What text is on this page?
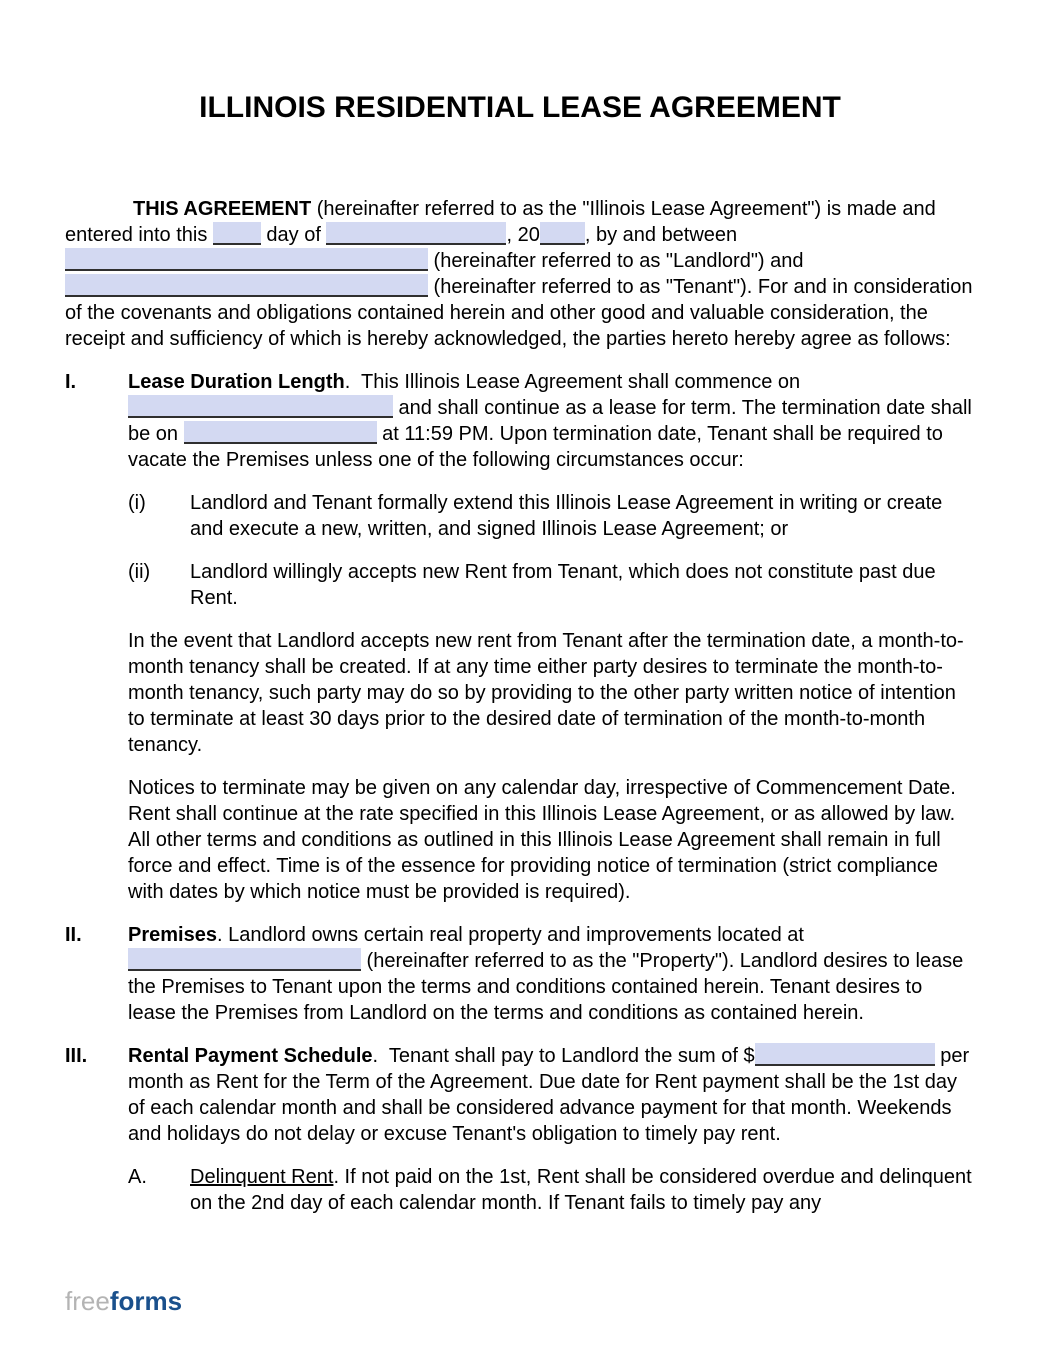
ILLINOIS RESIDENTIAL LEASE AGREEMENT

THIS AGREEMENT (hereinafter referred to as the "Illinois Lease Agreement") is made and entered into this  day of	, 20 , by and between  (hereinafter referred to as "Landlord") and  (hereinafter referred to as "Tenant"). For and in consideration of the covenants and obligations contained herein and other good and valuable consideration, the receipt and sufficiency of which is hereby acknowledged, the parties hereto hereby agree as follows:

I.	Lease Duration Length.  This Illinois Lease Agreement shall commence on  and shall continue as a lease for term. The termination date shall be on	at 11:59 PM. Upon termination date, Tenant shall be required to vacate the Premises unless one of the following circumstances occur:
(i) Landlord and Tenant formally extend this Illinois Lease Agreement in writing or create and execute a new, written, and signed Illinois Lease Agreement; or
(ii) Landlord willingly accepts new Rent from Tenant, which does not constitute past due Rent.

In the event that Landlord accepts new rent from Tenant after the termination date, a month-to-month tenancy shall be created. If at any time either party desires to terminate the month-to-month tenancy, such party may do so by providing to the other party written notice of intention to terminate at least 30 days prior to the desired date of termination of the month-to-month tenancy.

Notices to terminate may be given on any calendar day, irrespective of Commencement Date. Rent shall continue at the rate specified in this Illinois Lease Agreement, or as allowed by law. All other terms and conditions as outlined in this Illinois Lease Agreement shall remain in full force and effect. Time is of the essence for providing notice of termination (strict compliance with dates by which notice must be provided is required).

II. Premises. Landlord owns certain real property and improvements located at  (hereinafter referred to as the "Property"). Landlord desires to lease the Premises to Tenant upon the terms and conditions contained herein. Tenant desires to lease the Premises from Landlord on the terms and conditions as contained herein.
III. Rental Payment Schedule.  Tenant shall pay to Landlord the sum of $	per month as Rent for the Term of the Agreement. Due date for Rent payment shall be the 1st day of each calendar month and shall be considered advance payment for that month. Weekends and holidays do not delay or excuse Tenant's obligation to timely pay rent.
A. Delinquent Rent. If not paid on the 1st, Rent shall be considered overdue and delinquent on the 2nd day of each calendar month. If Tenant fails to timely pay any
freeforms
